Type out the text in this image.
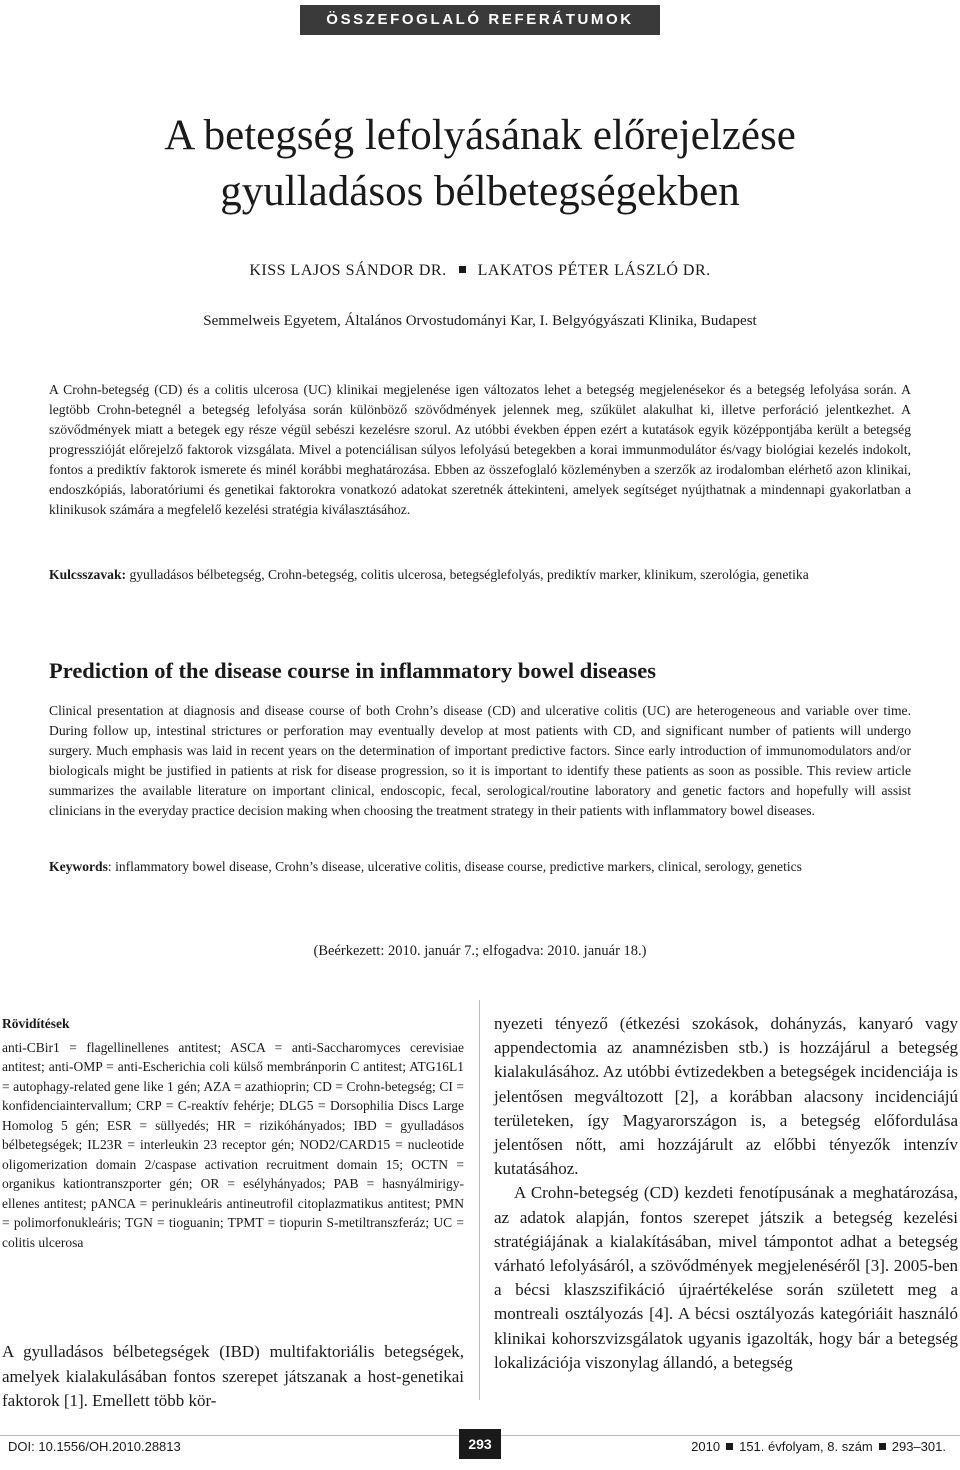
ÖSSZEFOGLALÓ REFERÁTUMOK
A betegség lefolyásának előrejelzése
gyulladásos bélbetegségekben
KISS LAJOS SÁNDOR DR. LAKATOS PÉTER LÁSZLÓ DR.
Semmelweis Egyetem, Általános Orvostudományi Kar, I. Belgyógyászati Klinika, Budapest

A Crohn-betegség (CD) és a colitis ulcerosa (UC) klinikai megjelenése igen változatos lehet a betegség megjelenésekor és a betegség lefolyása során. A legtöbb Crohn-betegnél a betegség lefolyása során különböző szövődmények jelennek meg, szűkület alakulhat ki, illetve perforáció jelentkezhet. A szövődmények miatt a betegek egy része végül sebészi kezelésre szorul. Az utóbbi években éppen ezért a kutatások egyik középpontjába került a betegség progresszióját előrejelző faktorok vizsgálata. Mivel a potenciálisan súlyos lefolyású betegekben a korai immunmodulátor és/vagy biológiai kezelés indokolt, fontos a prediktív faktorok ismerete és minél korábbi meghatározása. Ebben az összefoglaló közleményben a szerzők az irodalomban elérhető azon klinikai, endoszkópiás, laboratóriumi és genetikai faktorokra vonatkozó adatokat szeretnék áttekinteni, amelyek segítséget nyújthatnak a mindennapi gyakorlatban a klinikusok számára a megfelelő kezelési stratégia kiválasztásához.

Kulcsszavak: gyulladásos bélbetegség, Crohn-betegség, colitis ulcerosa, betegséglefolyás, prediktív marker, klinikum, szerológia, genetika

Prediction of the disease course in inflammatory bowel diseases

Clinical presentation at diagnosis and disease course of both Crohn’s disease (CD) and ulcerative colitis (UC) are heterogeneous and variable over time. During follow up, intestinal strictures or perforation may eventually develop at most patients with CD, and significant number of patients will undergo surgery. Much emphasis was laid in recent years on the determination of important predictive factors. Since early introduction of immunomodulators and/or biologicals might be justified in patients at risk for disease progression, so it is important to identify these patients as soon as possible. This review article summarizes the available literature on important clinical, endoscopic, fecal, serological/routine laboratory and genetic factors and hopefully will assist clinicians in the everyday practice decision making when choosing the treatment strategy in their patients with inflammatory bowel diseases.

Keywords: inflammatory bowel disease, Crohn’s disease, ulcerative colitis, disease course, predictive markers, clinical, serology, genetics

(Beérkezett: 2010. január 7.; elfogadva: 2010. január 18.)
Rövidítések

anti-CBir1 = flagellinellenes antitest; ASCA = anti-Saccharomyces cerevisiae antitest; anti-OMP = anti-Escherichia coli külső membránporin C antitest; ATG16L1 = autophagy-related gene like 1 gén; AZA = azathioprin; CD = Crohn-betegség; CI = konfidenciaintervallum; CRP = C-reaktív fehérje; DLG5 = Dorsophilia Discs Large Homolog 5 gén; ESR = süllyedés; HR = rizikóhányados; IBD = gyulladásos bélbetegségek; IL23R = interleukin 23 receptor gén; NOD2/CARD15 = nucleotide oligomerization domain 2/caspase activation recruitment domain 15; OCTN = organikus kationtranszporter gén; OR = esélyhányados; PAB = hasnyálmirigy-ellenes antitest; pANCA = perinukleáris antineutrofil citoplazmatikus antitest; PMN = polimorfonukleáris; TGN = tioguanin; TPMT = tiopurin S-metiltranszferáz; UC = colitis ulcerosa

A gyulladásos bélbetegségek (IBD) multifaktoriális betegségek, amelyek kialakulásában fontos szerepet játszanak a host-genetikai faktorok [1]. Emellett több kör-

nyezeti tényező (étkezési szokások, dohányzás, kanyaró vagy appendectomia az anamnézisben stb.) is hozzájárul a betegség kialakulásához. Az utóbbi évtizedekben a betegségek incidenciája is jelentősen megváltozott [2], a korábban alacsony incidenciájú területeken, így Magyarországon is, a betegség előfordulása jelentősen nőtt, ami hozzájárult az előbbi tényezők intenzív kutatásához.

A Crohn-betegség (CD) kezdeti fenotípusának a meghatározása, az adatok alapján, fontos szerepet játszik a betegség kezelési stratégiájának a kialakításában, mivel támpontot adhat a betegség várható lefolyásáról, a szövődmények megjelenéséről [3]. 2005-ben a bécsi klaszszifikáció újraértékelése során született meg a montreali osztályozás [4]. A bécsi osztályozás kategóriáit használó klinikai kohorszvizsgálatok ugyanis igazolták, hogy bár a betegség lokalizációja viszonylag állandó, a betegség

DOI: 10.1556/OH.2010.28813	293	2010 151. évfolyam, 8. szám 293–301.
